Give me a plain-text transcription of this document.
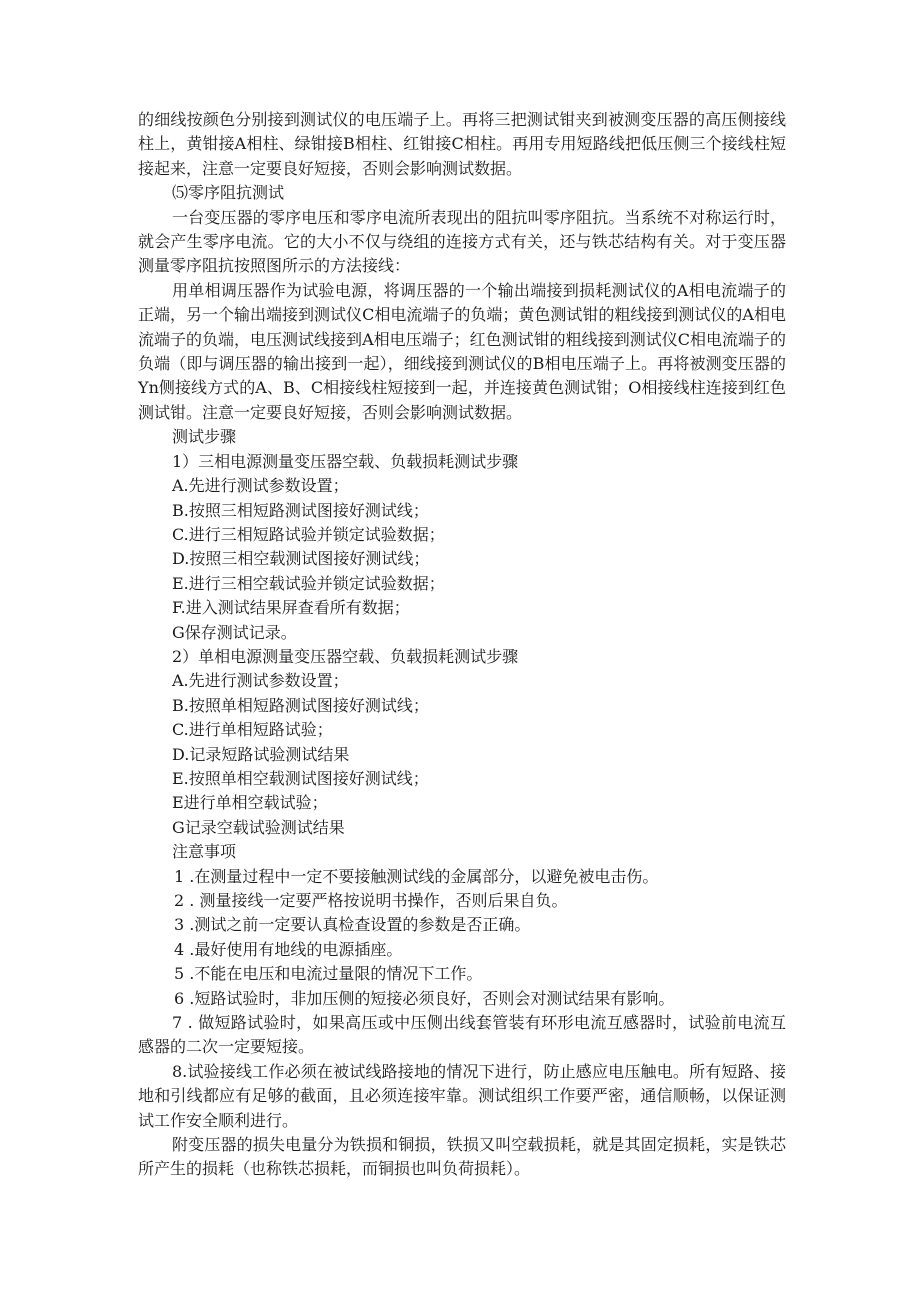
的细线按颜色分别接到测试仪的电压端子上。再将三把测试钳夹到被测变压器的高压侧接线柱上，黄钳接A相柱、绿钳接B相柱、红钳接C相柱。再用专用短路线把低压侧三个接线柱短接起来，注意一定要良好短接，否则会影响测试数据。

⑸零序阻抗测试

一台变压器的零序电压和零序电流所表现出的阻抗叫零序阻抗。当系统不对称运行时，就会产生零序电流。它的大小不仅与绕组的连接方式有关，还与铁芯结构有关。对于变压器测量零序阻抗按照图所示的方法接线：

用单相调压器作为试验电源，将调压器的一个输出端接到损耗测试仪的A相电流端子的正端，另一个输出端接到测试仪C相电流端子的负端；黄色测试钳的粗线接到测试仪的A相电流端子的负端，电压测试线接到A相电压端子；红色测试钳的粗线接到测试仪C相电流端子的负端（即与调压器的输出接到一起），细线接到测试仪的B相电压端子上。再将被测变压器的Yn侧接线方式的A、B、C相接线柱短接到一起，并连接黄色测试钳；O相接线柱连接到红色测试钳。注意一定要良好短接，否则会影响测试数据。

测试步骤

1）三相电源测量变压器空载、负载损耗测试步骤

A.先进行测试参数设置；

B.按照三相短路测试图接好测试线；

C.进行三相短路试验并锁定试验数据；

D.按照三相空载测试图接好测试线；

E.进行三相空载试验并锁定试验数据；

F.进入测试结果屏查看所有数据；

G保存测试记录。

2）单相电源测量变压器空载、负载损耗测试步骤

A.先进行测试参数设置；

B.按照单相短路测试图接好测试线；

C.进行单相短路试验；

D.记录短路试验测试结果

E.按照单相空载测试图接好测试线；

E进行单相空载试验；

G记录空载试验测试结果

注意事项

1 .在测量过程中一定不要接触测试线的金属部分，以避免被电击伤。

2 . 测量接线一定要严格按说明书操作，否则后果自负。

3 .测试之前一定要认真检查设置的参数是否正确。

4 .最好使用有地线的电源插座。

5 .不能在电压和电流过量限的情况下工作。

6 .短路试验时，非加压侧的短接必须良好，否则会对测试结果有影响。

7 . 做短路试验时，如果高压或中压侧出线套管装有环形电流互感器时，试验前电流互感器的二次一定要短接。

8.试验接线工作必须在被试线路接地的情况下进行，防止感应电压触电。所有短路、接地和引线都应有足够的截面，且必须连接牢靠。测试组织工作要严密，通信顺畅，以保证测试工作安全顺利进行。

附变压器的损失电量分为铁损和铜损，铁损又叫空载损耗，就是其固定损耗，实是铁芯所产生的损耗（也称铁芯损耗，而铜损也叫负荷损耗）。
